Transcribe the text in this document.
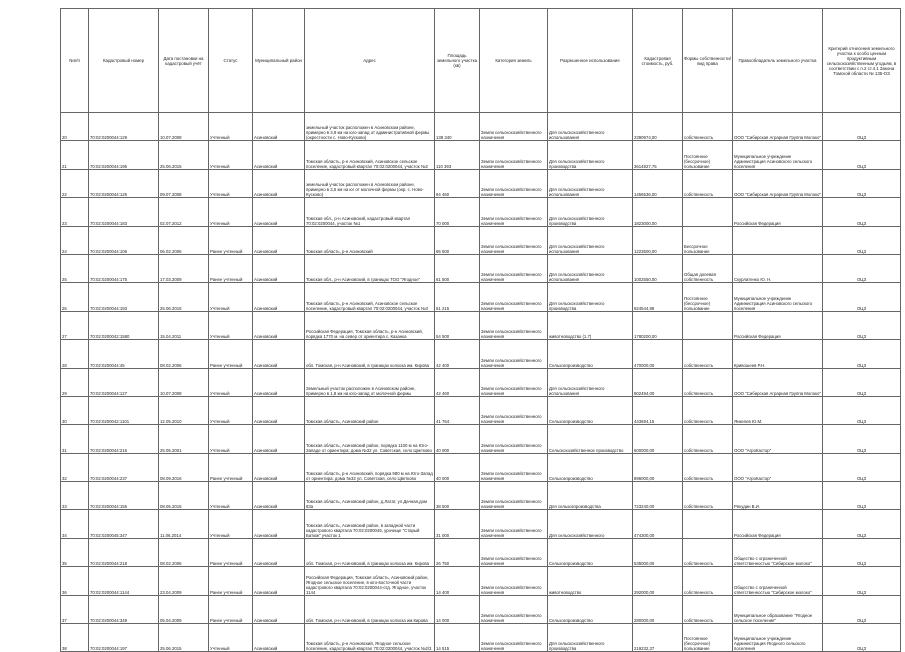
№п/п	Кадастровый номер	Дата постановки на кадастровый учёт	Статус	Муниципальный район	Адрес	Площадь земельного участка (кв)	Категория земель	Разрешенное использование	Кадастровая стоимость, руб.	Формы собственности/вид права	Правообладатель земельного участка	Критерий отнесения земельного участка к особо ценным продуктивным сельскохозяйственным угодьям, в соответствии с п.2 ст.4.1 Закона Томской области № 135-ОЗ
20	70:02:0200044:129	10.07.2008	Учтенный	Асиновский	земельный участок расположен в Асиновском районе, примерно в 3,9 км на юго-запад от административной фермы (окрестности с. Ново-Кусково)	138 340	Земли сельскохозяйственного назначения	Для сельскохозяйственного использования	2390974,00	собственность	ООО "Сибирская Аграрная Группа Молоко"	ОЦЗ
21	70:02:0200044:196	25.06.2015	Учтенный	Асиновский	Томская область, р-н Асиновский, Асиновское сельское поселение, кадастровый квартал 70:02:0200044, участок №2	110 393	Земли сельскохозяйственного назначения	Для сельскохозяйственного производства	3614827,75	Постоянное (бессрочное) пользование	Муниципальное учреждение Администрация Асиновского сельского поселения	ОЦЗ
22	70:02:0200044:125	09.07.2008	Учтенный	Асиновский	земельный участок расположен в Асиновском районе, примерно в 3,5 км на юг от молочной фермы (окр. с. Ново-Кусково)	94 460	Земли сельскохозяйственного назначения	Для сельскохозяйственного использования	1456536,00	собственность	ООО "Сибирская Аграрная Группа Молоко"	ОЦЗ
23	70:02:0200044:183	02.07.2012	Учтенный	Асиновский	Томская обл., р-н Асиновский, кадастровый квартал 70:02:0200044, участок №1	70 000	Земли сельскохозяйственного назначения	Для сельскохозяйственного производства	1823000,00		Российская Федерация	ОЦЗ
24	70:02:0200044:106	06.02.2006	Ранее учтенный	Асиновский	Томская область, р-н Асиновский	65 500	Земли сельскохозяйственного назначения	Для сельскохозяйственного использования	1223500,00	Бессрочное пользование		ОЦЗ
25	70:02:0200044:175	17.03.2009	Ранее учтенный	Асиновский	Томская обл., р-н Асиновский, в границах ТОО "Ягодное"	61 500	Земли сельскохозяйственного назначения	Для сельскохозяйственного использования	1002550,00	Общая долевая собственность	Скурлатенко Ю. Н.	ОЦЗ
26	70:02:0200044:193	25.06.2015	Учтенный	Асиновский	Томская область, р-н Асиновский, Асиновское сельское поселение, кадастровый квартал 70:02:0200044, участок №3	61 215	Земли сельскохозяйственного назначения	Для сельскохозяйственного производства	924544,99	Постоянное (бессрочное) пользование	Муниципальное учреждение Администрация Асиновского сельского поселения	ОЦЗ
27	70:02:0200042:1580	15.04.2011	Учтенный	Асиновский	Российская Федерация, Томская область, р-н Асиновский, порядка 1770 м. на север от ориентира с. Казанка	54 500	Земли сельскохозяйственного назначения	животноводство (1.7)	1780200,00		Российская Федерация	ОЦЗ
28	70:02:0200044:45	08.02.2006	Ранее учтенный	Асиновский	обл. Томская, р-н Асиновский, в границах колхоза им. Кирова	42 400	Земли сельскохозяйственного назначения	Сельхозпроизводство	470000,00	собственность	Кривошеев Р.Н.	ОЦЗ
29	70:02:0200044:127	10.07.2008	Учтенный	Асиновский	Земельный участок расположен в Асиновском районе, примерно в 1,8 км на юго-запад от молочной фермы	42 460	Земли сельскохозяйственного назначения	Для сельскохозяйственного использования	802494,00	собственность	ООО "Сибирская Аграрная Группа Молоко"	ОЦЗ
30	70:02:0200042:1101	12.05.2010	Учтенный	Асиновский	Томская область, Асиновский район	41 764	Земли сельскохозяйственного назначения	Сельхозпроизводство	443694,15	собственность	Янкелев Ю.М.	ОЦЗ
31	70:02:0200044:216	25.05.2001	Учтенный	Асиновский	Томская область, Асиновский район, порядка 1100 м на Юго-Западе от ориентира: дома №32 ул. Советская, село Цветково	40 000	Земли сельскохозяйственного назначения	Сельскохозяйственное производство	600000,00	собственность	ООО "АгроКастор"	ОЦЗ
32	70:02:0200044:237	08.09.2016	Ранее учтенный	Асиновский	Томская область, р-н Асиновский, порядка 980 м на Юго-Запад от ориентира: дома №32 ул. Советская, село Цветково	40 000	Земли сельскохозяйственного назначения	Сельхозпроизводство	896000,00	собственность	ООО "АгроКастор"	ОЦЗ
33	70:02:0200044:155	08.05.2015	Учтенный	Асиновский	Томская область, Асиновский район, д.Латат, ул.Дачная,дом 83а	38 500	Земли сельскохозяйственного назначения	Для сельхозпроизводства	723240,00	собственность	Ряхудин В.И.	ОЦЗ
34	70:02:0200045:347	11.06.2014	Учтенный	Асиновский	Томская область, Асиновский район, в западной части кадастрового квартала 70:02:0200045, урочище "Старый Батюж" участок 1	31 000	Земли сельскохозяйственного назначения	Для сельскохозяйственного	474300,00		Российская Федерация	ОЦЗ
35	70:02:0200044:218	08.02.2006	Ранее учтенный	Асиновский	обл. Томская, р-н Асиновский, в границах колхоза им. Кирова	26 750	Земли сельскохозяйственного назначения	Сельхозпроизводство	535000,00	собственность	Общество с ограниченной ответственностью "Сибирское молоко"	ОЦЗ
36	70:02:0200044:1144	23.04.2009	Ранее учтенный	Асиновский	Российская Федерация, Томская область, Асиновский район, Ягодное сельское поселение, в юго-восточной части кадастрового квартала 70:02:0200044-отд. Ягодное, участок 1144	14 400	Земли сельскохозяйственного назначения	животноводство	292000,00	собственность	Общество с ограниченной ответственностью "Сибирское молоко"	ОЦЗ
37	70:02:0200044:349	05.04.2009	Ранее учтенный	Асиновский	обл. Томская, р-н Асиновский, в границах колхоза им.Кирова	14 000	Земли сельскохозяйственного назначения	Сельхозпроизводство	280000,00	собственность	Муниципальное образование "Ягодное сельское поселение"	ОЦЗ
38	70:02:0200044:197	25.06.2015	Учтенный	Асиновский	Томская область, р-н Асиновский, Ягодное сельское поселение, кадастровый квартал 70:02:0200044, участок №2/3	14 515	Земли сельскохозяйственного назначения	Для сельскохозяйственного производства	219232,37	Постоянное (бессрочное) пользование	Муниципальное учреждение Администрация Ягодного сельского поселения	ОЦЗ
